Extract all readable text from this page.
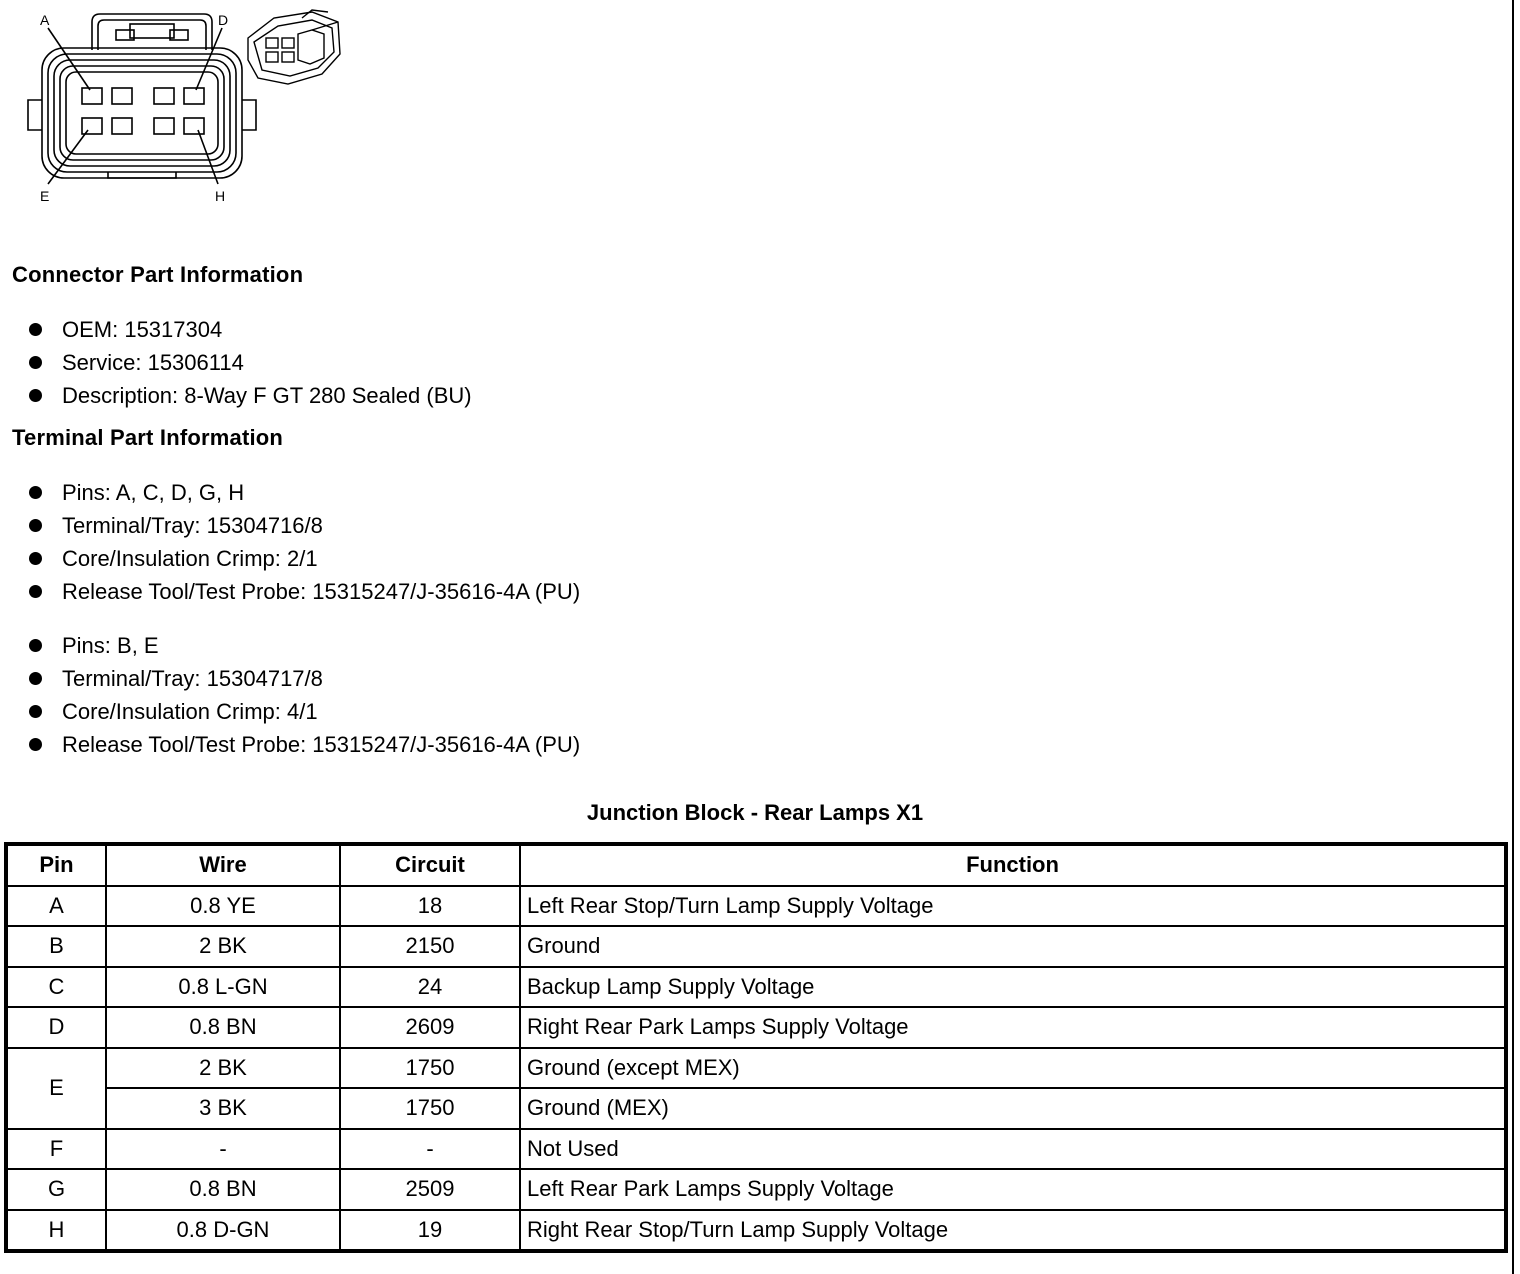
A	D
E	H
Connector Part Information
OEM: 15317304
Service: 15306114
Description: 8-Way F GT 280 Sealed (BU)
Terminal Part Information
Pins: A, C, D, G, H
Terminal/Tray: 15304716/8
Core/Insulation Crimp: 2/1
Release Tool/Test Probe: 15315247/J-35616-4A (PU)
Pins: B, E
Terminal/Tray: 15304717/8
Core/Insulation Crimp: 4/1
Release Tool/Test Probe: 15315247/J-35616-4A (PU)
Junction Block - Rear Lamps X1
Pin	Wire	Circuit	Function
A	0.8 YE	18	Left Rear Stop/Turn Lamp Supply Voltage
B	2 BK	2150	Ground
C	0.8 L-GN	24	Backup Lamp Supply Voltage
D	0.8 BN	2609	Right Rear Park Lamps Supply Voltage
E	2 BK	1750	Ground (except MEX)
	3 BK	1750	Ground (MEX)
F	-	-	Not Used
G	0.8 BN	2509	Left Rear Park Lamps Supply Voltage
H	0.8 D-GN	19	Right Rear Stop/Turn Lamp Supply Voltage
